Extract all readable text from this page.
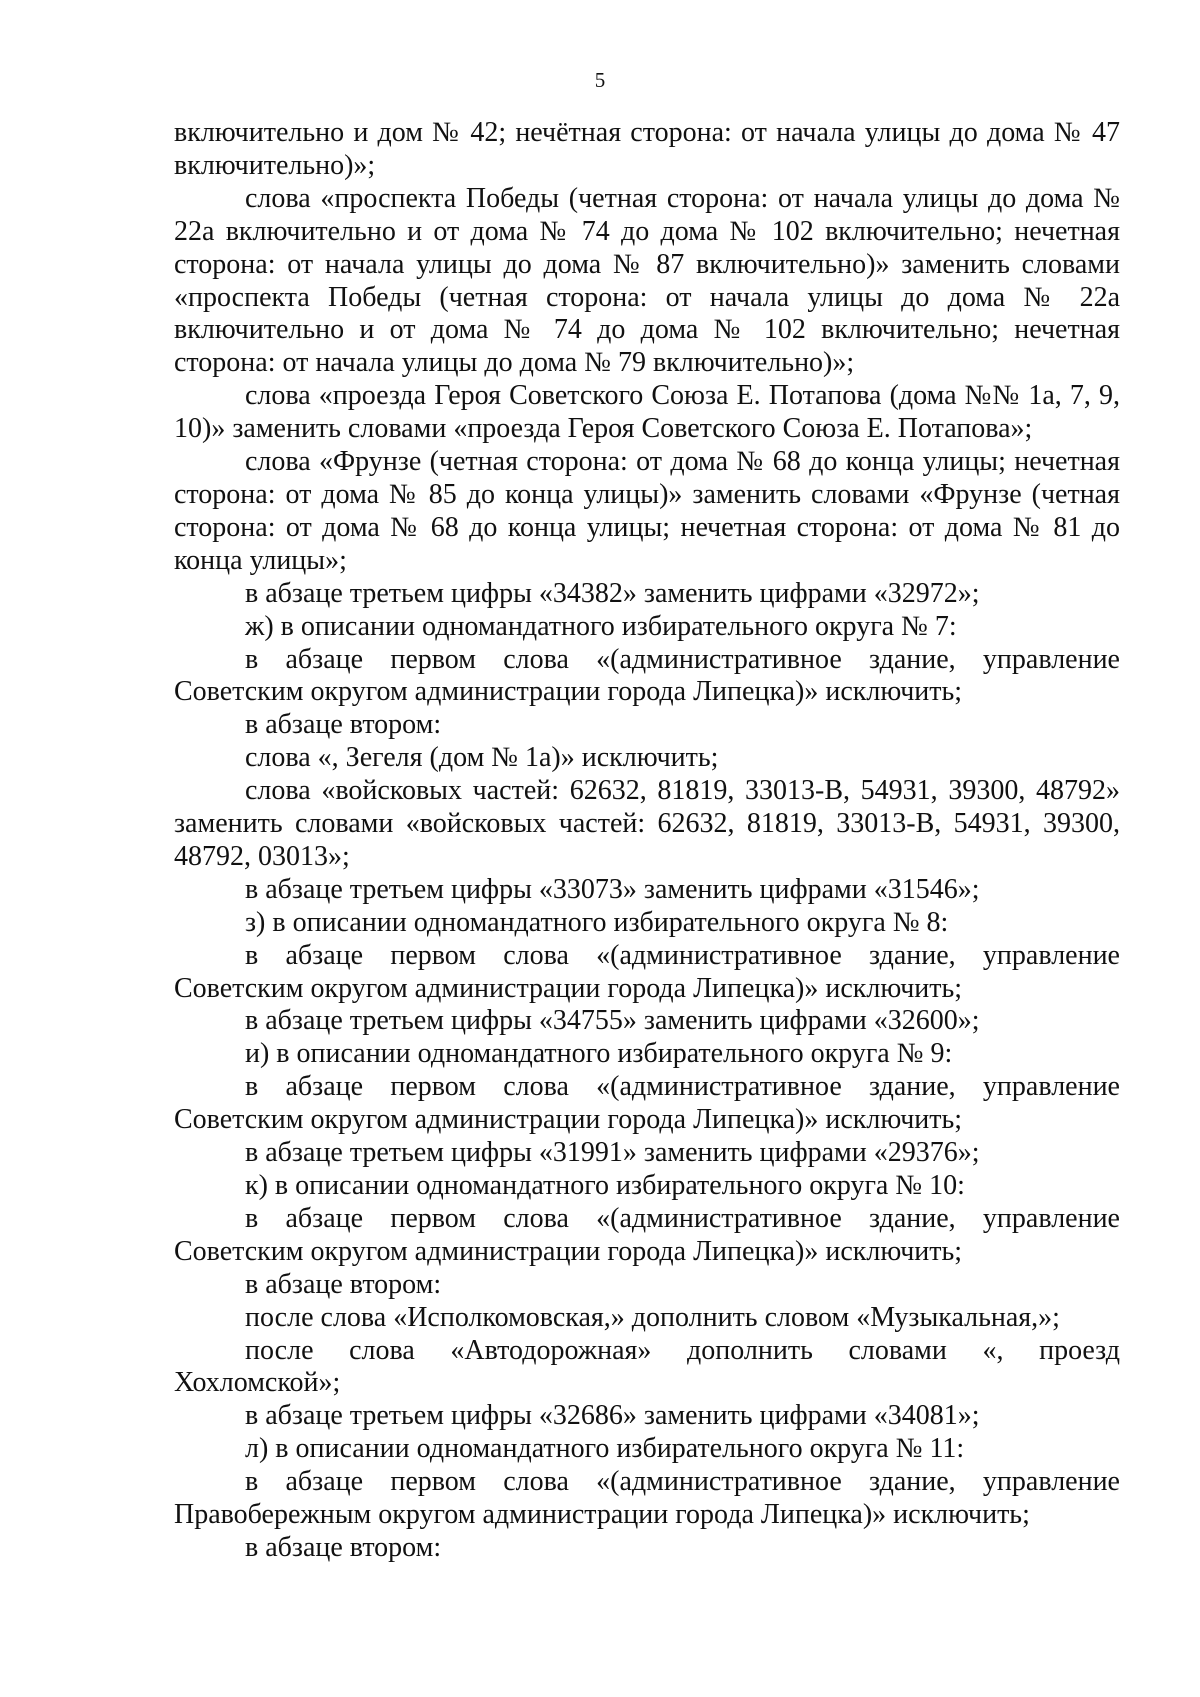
5

включительно и дом № 42; нечётная сторона: от начала улицы до дома № 47 включительно)»;

слова «проспекта Победы (четная сторона: от начала улицы до дома № 22а включительно и от дома № 74 до дома № 102 включительно; нечетная сторона: от начала улицы до дома № 87 включительно)» заменить словами «проспекта Победы (четная сторона: от начала улицы до дома № 22а включительно и от дома № 74 до дома № 102 включительно; нечетная сторона: от начала улицы до дома № 79 включительно)»;

слова «проезда Героя Советского Союза Е. Потапова (дома №№ 1а, 7, 9, 10)» заменить словами «проезда Героя Советского Союза Е. Потапова»;

слова «Фрунзе (четная сторона: от дома № 68 до конца улицы; нечетная сторона: от дома № 85 до конца улицы)» заменить словами «Фрунзе (четная сторона: от дома № 68 до конца улицы; нечетная сторона: от дома № 81 до конца улицы»;

в абзаце третьем цифры «34382» заменить цифрами «32972»;

ж) в описании одномандатного избирательного округа № 7:

в абзаце первом слова «(административное здание, управление Советским округом администрации города Липецка)» исключить;

в абзаце втором:

слова «, Зегеля (дом № 1а)» исключить;

слова «войсковых частей: 62632, 81819, 33013-В, 54931, 39300, 48792» заменить словами «войсковых частей: 62632, 81819, 33013-В, 54931, 39300, 48792, 03013»;

в абзаце третьем цифры «33073» заменить цифрами «31546»;

з) в описании одномандатного избирательного округа № 8:

в абзаце первом слова «(административное здание, управление Советским округом администрации города Липецка)» исключить;

в абзаце третьем цифры «34755» заменить цифрами «32600»;

и) в описании одномандатного избирательного округа № 9:

в абзаце первом слова «(административное здание, управление Советским округом администрации города Липецка)» исключить;

в абзаце третьем цифры «31991» заменить цифрами «29376»;

к) в описании одномандатного избирательного округа № 10:

в абзаце первом слова «(административное здание, управление Советским округом администрации города Липецка)» исключить;

в абзаце втором:

после слова «Исполкомовская,» дополнить словом «Музыкальная,»;

после слова «Автодорожная» дополнить словами «, проезд Хохломской»;

в абзаце третьем цифры «32686» заменить цифрами «34081»;

л) в описании одномандатного избирательного округа № 11:

в абзаце первом слова «(административное здание, управление Правобережным округом администрации города Липецка)» исключить;

в абзаце втором:
